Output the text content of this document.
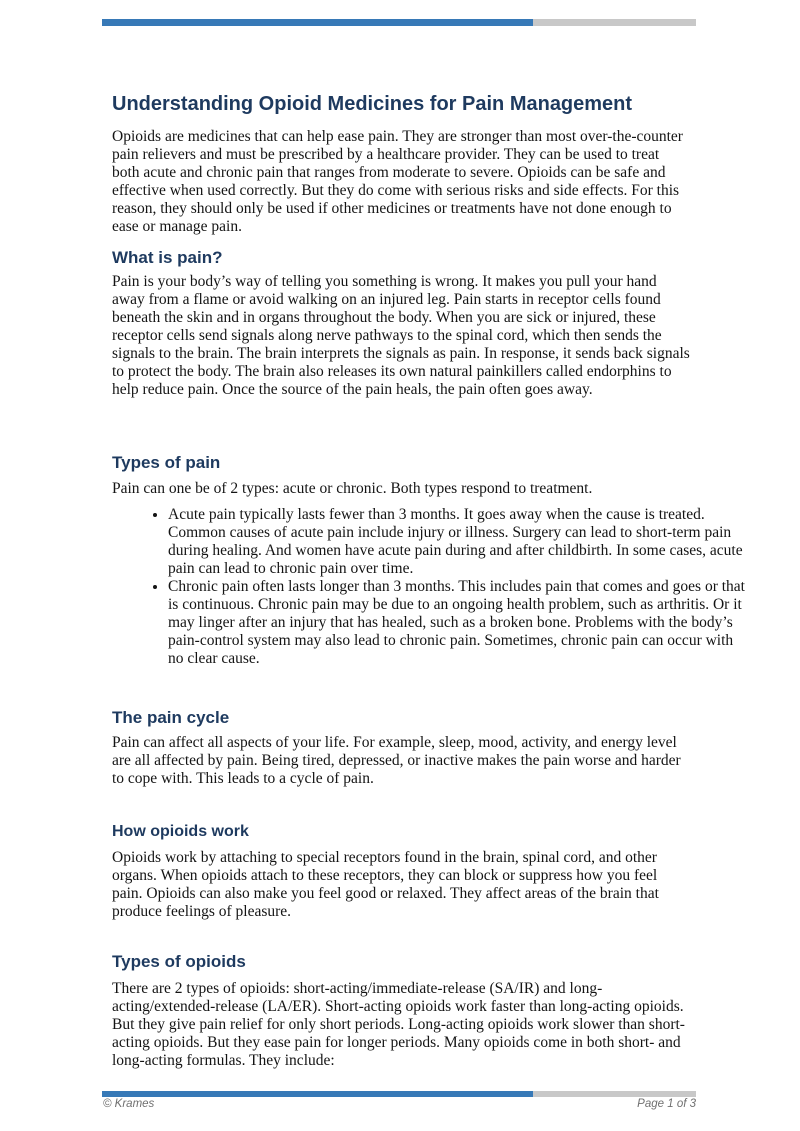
Understanding Opioid Medicines for Pain Management

Opioids are medicines that can help ease pain. They are stronger than most over-the-counter pain relievers and must be prescribed by a healthcare provider. They can be used to treat both acute and chronic pain that ranges from moderate to severe. Opioids can be safe and effective when used correctly. But they do come with serious risks and side effects. For this reason, they should only be used if other medicines or treatments have not done enough to ease or manage pain.

What is pain?

Pain is your body’s way of telling you something is wrong. It makes you pull your hand away from a flame or avoid walking on an injured leg. Pain starts in receptor cells found beneath the skin and in organs throughout the body. When you are sick or injured, these receptor cells send signals along nerve pathways to the spinal cord, which then sends the signals to the brain. The brain interprets the signals as pain. In response, it sends back signals to protect the body. The brain also releases its own natural painkillers called endorphins to help reduce pain. Once the source of the pain heals, the pain often goes away.

Types of pain

Pain can one be of 2 types: acute or chronic. Both types respond to treatment.

• Acute pain typically lasts fewer than 3 months. It goes away when the cause is treated. Common causes of acute pain include injury or illness. Surgery can lead to short-term pain during healing. And women have acute pain during and after childbirth. In some cases, acute pain can lead to chronic pain over time.
• Chronic pain often lasts longer than 3 months. This includes pain that comes and goes or that is continuous. Chronic pain may be due to an ongoing health problem, such as arthritis. Or it may linger after an injury that has healed, such as a broken bone. Problems with the body’s pain-control system may also lead to chronic pain. Sometimes, chronic pain can occur with no clear cause.
The pain cycle

Pain can affect all aspects of your life. For example, sleep, mood, activity, and energy level are all affected by pain. Being tired, depressed, or inactive makes the pain worse and harder to cope with. This leads to a cycle of pain.

How opioids work

Opioids work by attaching to special receptors found in the brain, spinal cord, and other organs. When opioids attach to these receptors, they can block or suppress how you feel pain. Opioids can also make you feel good or relaxed. They affect areas of the brain that produce feelings of pleasure.

Types of opioids

There are 2 types of opioids: short-acting/immediate-release (SA/IR) and long-acting/extended-release (LA/ER). Short-acting opioids work faster than long-acting opioids. But they give pain relief for only short periods. Long-acting opioids work slower than short-acting opioids. But they ease pain for longer periods. Many opioids come in both short- and long-acting formulas. They include:

© Krames	Page 1 of 3
